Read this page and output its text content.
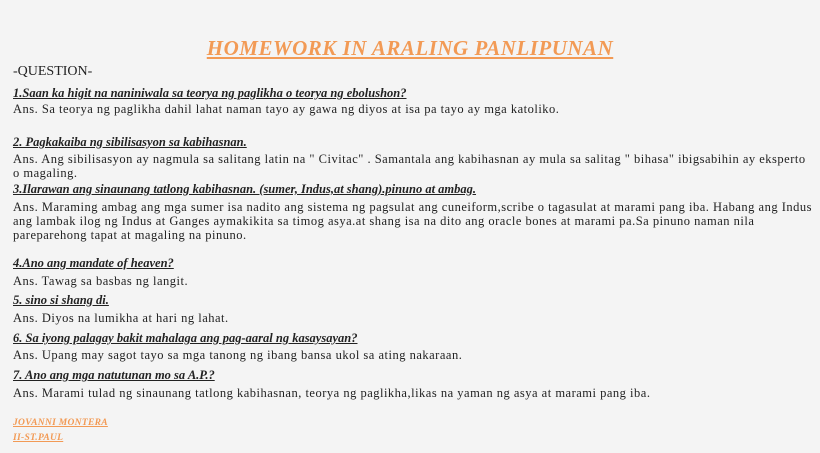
HOMEWORK IN ARALING PANLIPUNAN
-QUESTION-
1.Saan ka higit na naniniwala sa teorya ng paglikha o teorya ng ebolushon?
Ans. Sa teorya ng paglikha dahil lahat naman tayo ay gawa ng diyos at isa pa tayo ay mga katoliko.
2. Pagkakaiba ng sibilisasyon sa kabihasnan.
Ans. Ang sibilisasyon ay nagmula sa salitang latin na " Civitac" . Samantala ang kabihasnan ay mula sa salitag " bihasa" ibigsabihin ay eksperto o magaling.
3.Ilarawan ang sinaunang tatlong kabihasnan. (sumer, Indus,at shang).pinuno at ambag.
Ans. Maraming ambag ang mga sumer isa nadito ang sistema ng pagsulat ang cuneiform,scribe o tagasulat at marami pang iba. Habang ang Indus ang lambak ilog ng Indus at Ganges aymakikita sa timog asya.at shang isa na dito ang oracle bones at marami pa.Sa pinuno naman nila pareparehong tapat at magaling na pinuno.
4.Ano ang mandate of heaven?
Ans. Tawag sa basbas ng langit.
5. sino si shang di.
Ans. Diyos na lumikha at hari ng lahat.
6. Sa iyong palagay bakit mahalaga ang pag-aaral ng kasaysayan?
Ans. Upang may sagot tayo sa mga tanong ng ibang bansa ukol sa ating nakaraan.
7. Ano ang mga natutunan mo sa A.P.?
Ans. Marami tulad ng sinaunang tatlong kabihasnan, teorya ng paglikha,likas na yaman ng asya at marami pang iba.
JOVANNI MONTERA
II-ST.PAUL
